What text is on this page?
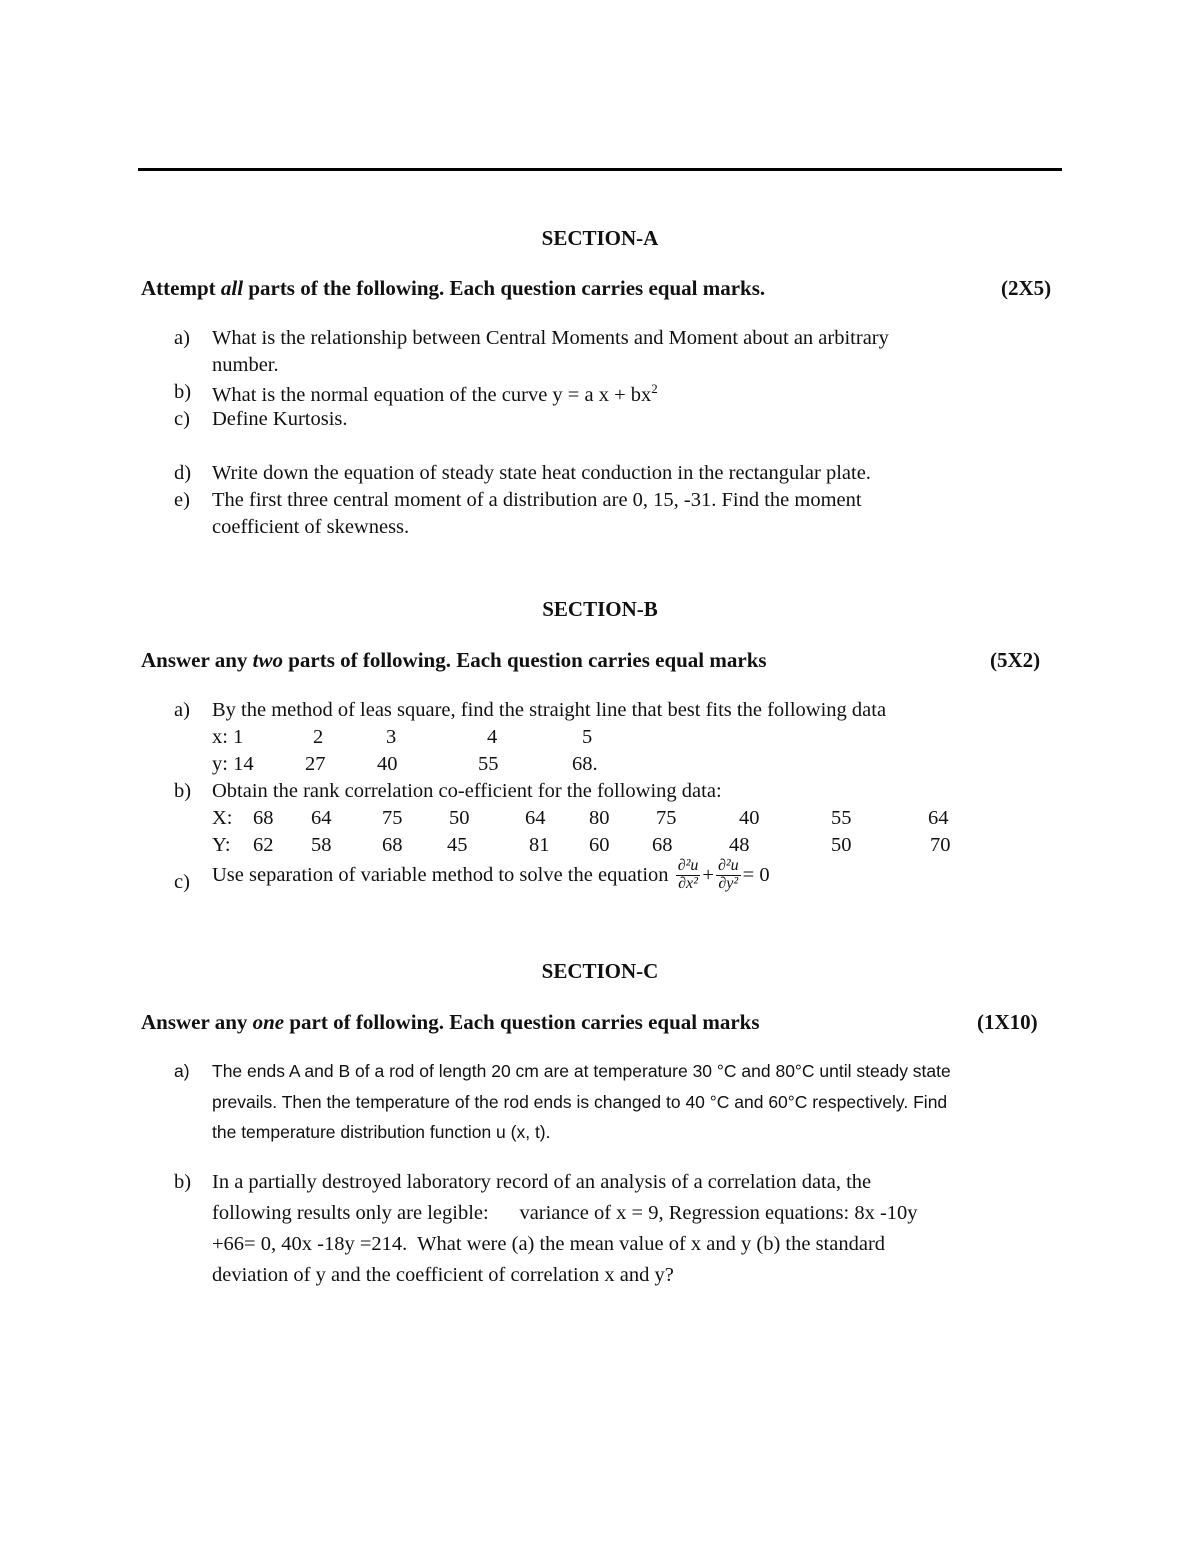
SECTION-A
Attempt all parts of the following. Each question carries equal marks.	(2X5)
a) What is the relationship between Central Moments and Moment about an arbitrary
number.
b) What is the normal equation of the curve y = a $x + bx^2$
c) Define Kurtosis.
d) Write down the equation of steady state heat conduction in the rectangular plate.
e) The first three central moment of a distribution are 0, 15, -31. Find the moment
coefficient of skewness.
SECTION-B
Answer any two parts of following. Each question carries equal marks	(5X2)
a) By the method of leas square, find the straight line that best fits the following data
x: 1	2	3	4	5
y: 14	27	40	55	68.
b) Obtain the rank correlation co-efficient for the following data:
X: 68 64 75 50	64 80 75	40	55	64
Y: 62 58 68 45	81 60 68	48	50	70
c) Use separation of variable method to solve the equation $\frac{\text{∂²u}}{\text{∂x²}} + \frac{\text{∂²u}}{\text{∂y²}} = 0$
SECTION-C
Answer any one part of following. Each question carries equal marks	(1X10)
a) The ends A and B of a rod of length 20 cm are at temperature 30 °C and 80°C until steady state
prevails. Then the temperature of the rod ends is changed to 40 °C and 60°C respectively. Find
the temperature distribution function u (x, t).
b) In a partially destroyed laboratory record of an analysis of a correlation data, the
following results only are legible:      variance of x = 9, Regression equations: 8x -10y
+66= 0, 40x -18y =214.  What were (a) the mean value of x and y (b) the standard
deviation of y and the coefficient of correlation x and y?
